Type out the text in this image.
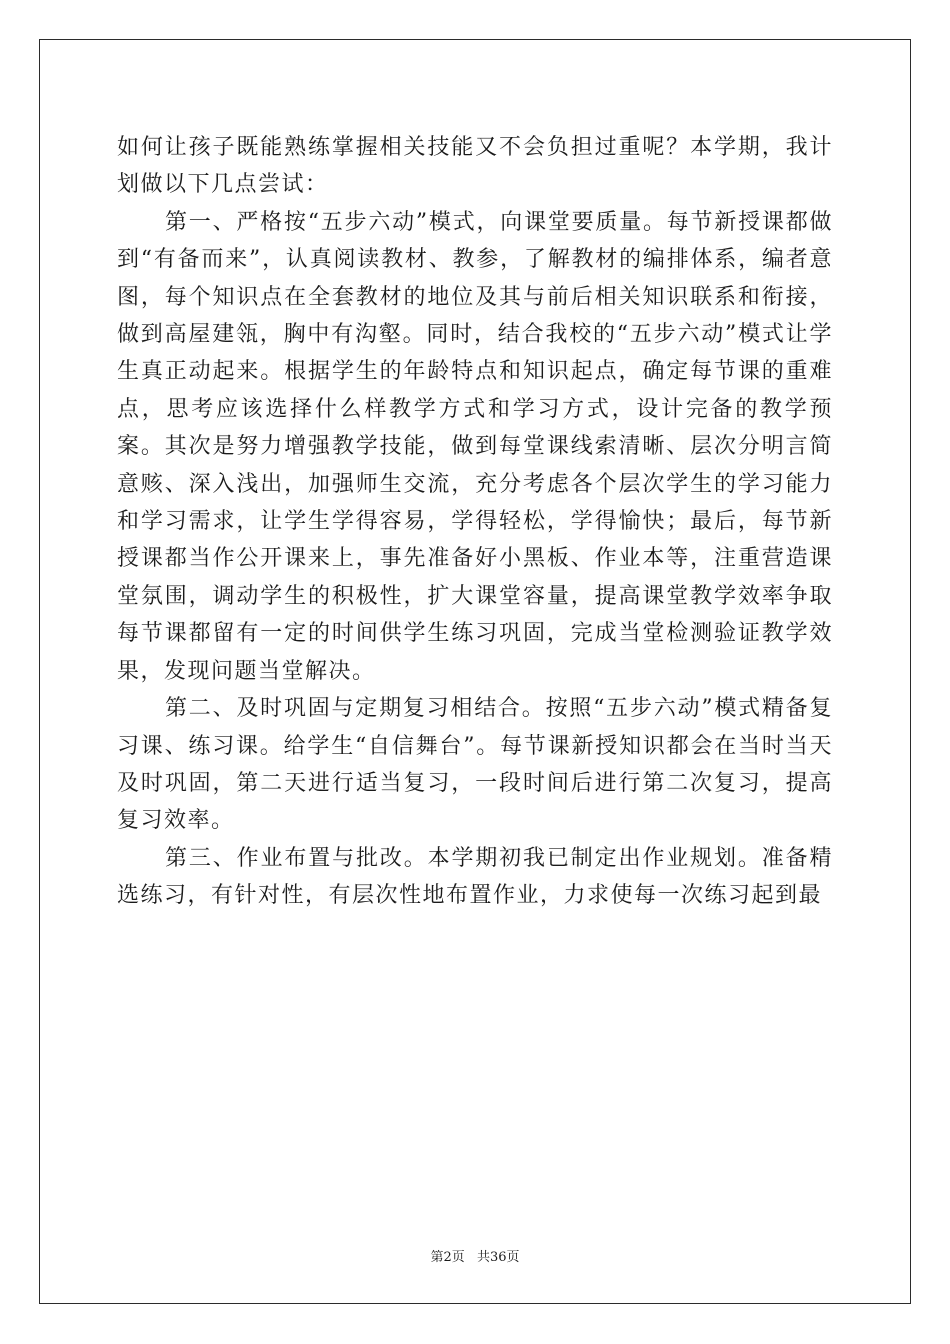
如何让孩子既能熟练掌握相关技能又不会负担过重呢？本学期，我计划做以下几点尝试：

第一、严格按“五步六动”模式，向课堂要质量。每节新授课都做到“有备而来”，认真阅读教材、教参，了解教材的编排体系，编者意图，每个知识点在全套教材的地位及其与前后相关知识联系和衔接，做到高屋建瓴，胸中有沟壑。同时，结合我校的“五步六动”模式让学生真正动起来。根据学生的年龄特点和知识起点，确定每节课的重难点，思考应该选择什么样教学方式和学习方式，设计完备的教学预案。其次是努力增强教学技能，做到每堂课线索清晰、层次分明言简意赅、深入浅出，加强师生交流，充分考虑各个层次学生的学习能力和学习需求，让学生学得容易，学得轻松，学得愉快；最后，每节新授课都当作公开课来上，事先准备好小黑板、作业本等，注重营造课堂氛围，调动学生的积极性，扩大课堂容量，提高课堂教学效率争取每节课都留有一定的时间供学生练习巩固，完成当堂检测验证教学效果，发现问题当堂解决。

第二、及时巩固与定期复习相结合。按照“五步六动”模式精备复习课、练习课。给学生“自信舞台”。每节课新授知识都会在当时当天及时巩固，第二天进行适当复习，一段时间后进行第二次复习，提高复习效率。

第三、作业布置与批改。本学期初我已制定出作业规划。准备精选练习，有针对性，有层次性地布置作业，力求使每一次练习起到最

第2页 共36页
